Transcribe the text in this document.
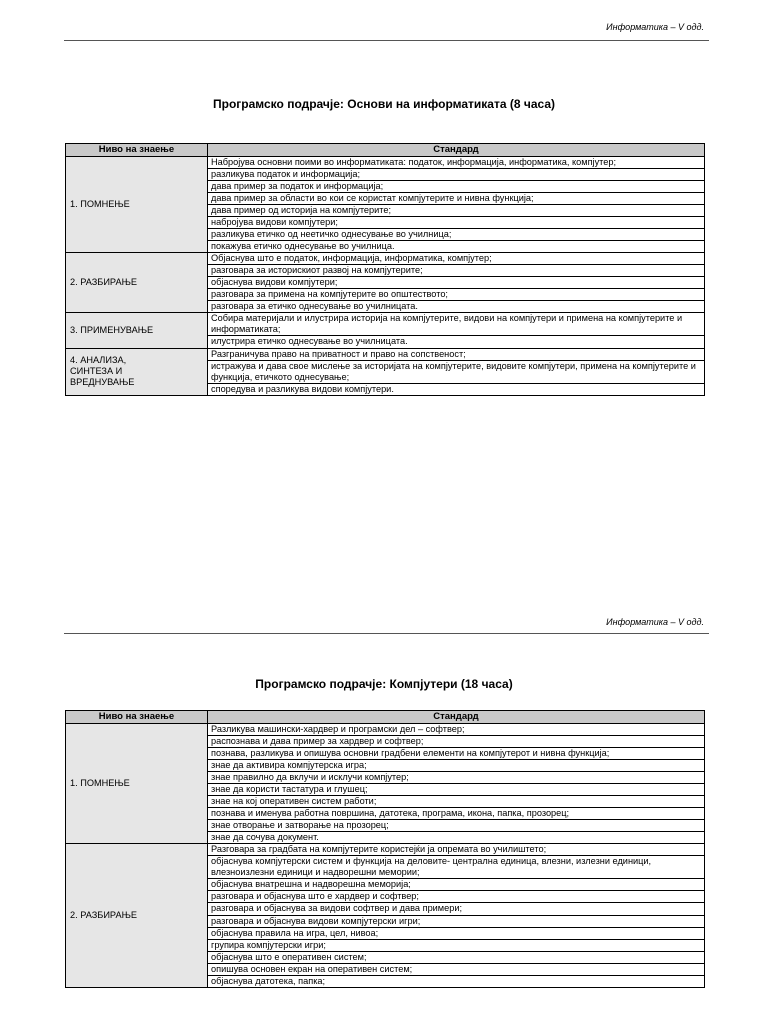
Информатика – V одд.
Програмско подрачје: Основи на информатиката (8 часа)
Ниво на знаење	Стандард
1. ПОМНЕЊЕ	Набројува основни поими во информатиката: податок, информација, информатика, компјутер;
	разликува податок и информација;
	дава пример за податок и информација;
	дава пример за области во кои се користат компјутерите и нивна функција;
	дава пример од историја на компјутерите;
	набројува видови компјутери;
	разликува етичко од неетичко однесување во училница;
	покажува етичко однесување во училница.
2. РАЗБИРАЊЕ	Објаснува што е податок, информација, информатика, компјутер;
	разговара за историскиот развој на компјутерите;
	објаснува видови компјутери;
	разговара за примена на компјутерите во општеството;
	разговара за етичко однесување во училницата.
3. ПРИМЕНУВАЊЕ	Собира материјали и илустрира историја на компјутерите, видови на компјутери и примена на компјутерите и информатиката;
	илустрира етичко однесување во училницата.
4. АНАЛИЗА,
СИНТЕЗА И
ВРЕДНУВАЊЕ	Разграничува право на приватност и право на сопственост;
	истражува и дава свое мислење за историјата на компјутерите, видовите компјутери, примена на компјутерите и функција, етичкото однесување;
	споредува и разликува видови компјутери.
Информатика – V одд.
Програмско подрачје: Компјутери (18 часа)
Ниво на знаење	Стандард
1. ПОМНЕЊЕ	Разликува машински-хардвер и програмски дел – софтвер;
	распознава и дава пример за хардвер и софтвер;
	познава, разликува и опишува основни градбени елементи на компјутерот и нивна функција;
	знае да активира компјутерска игра;
	знае правилно да вклучи и исклучи компјутер;
	знае да користи тастатура и глушец;
	знае на кој оперативен систем работи;
	познава и именува работна површина, датотека, програма, икона, папка, прозорец;
	знае отворање и затворање на прозорец;
	знае да сочува документ.
2. РАЗБИРАЊЕ	Разговара за градбата на компјутерите користејќи ја опремата во училиштето;
	објаснува компјутерски систем и функција на деловите- централна единица, влезни, излезни единици, влезноизлезни единици и надворешни мемории;
	објаснува внатрешна и надворешна меморија;
	разговара и објаснува што е хардвер и софтвер;
	разговара и објаснува за видови софтвер и дава примери;
	разговара и објаснува видови компјутерски игри;
	објаснува правила на игра, цел, нивоа;
	групира компјутерски игри;
	објаснува што е оперативен систем;
	опишува основен екран на оперативен систем;
	објаснува датотека, папка;
